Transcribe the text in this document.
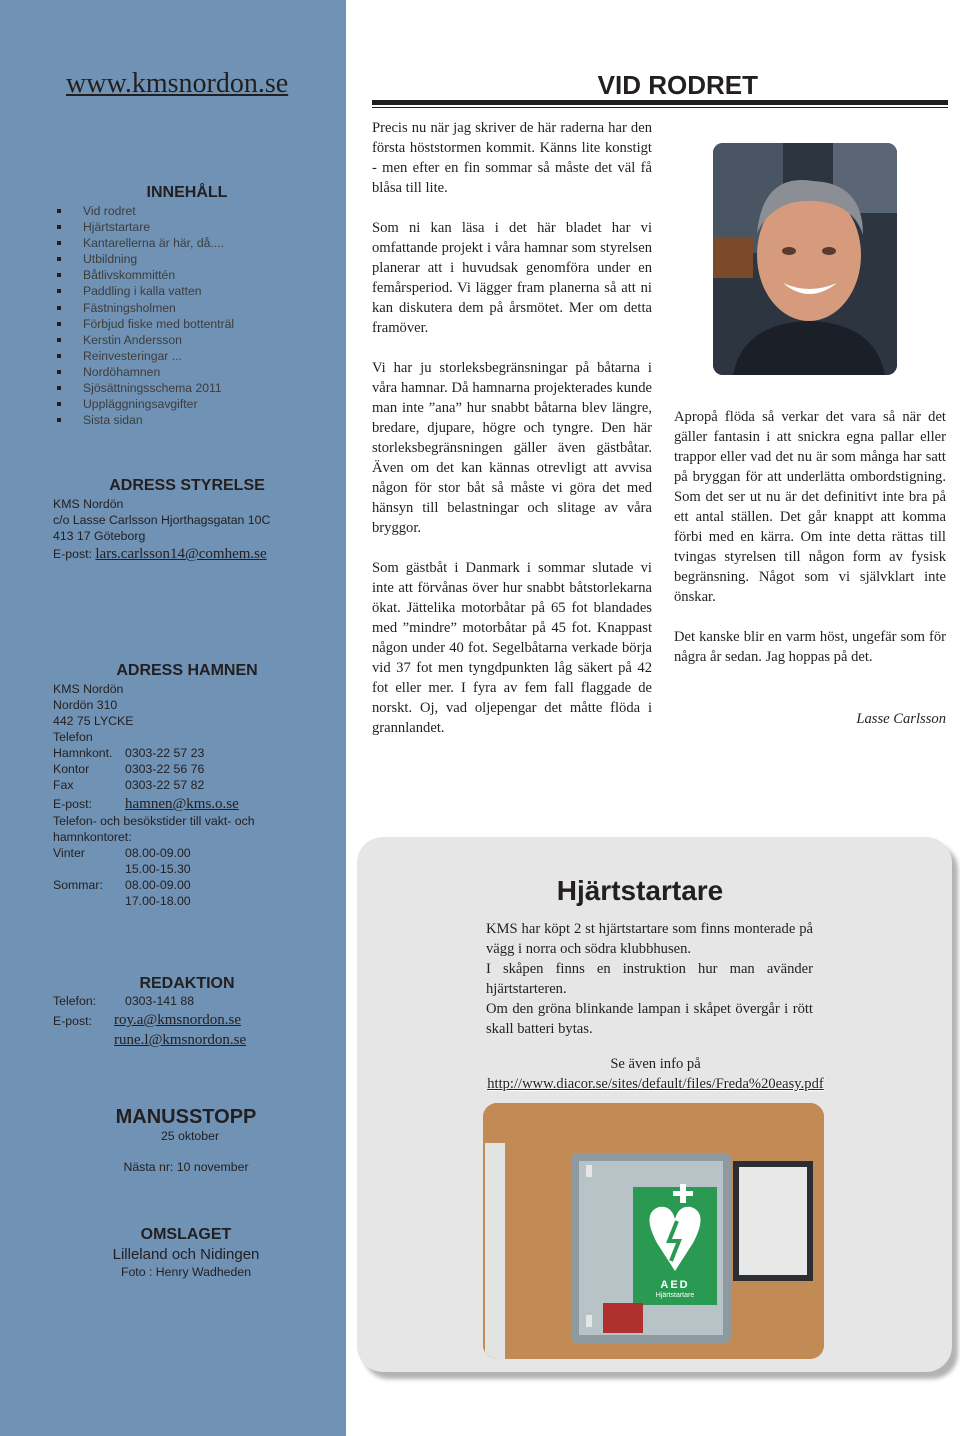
www.kmsnordon.se
INNEHÅLL
Vid rodret
Hjärtstartare
Kantarellerna är här, då....
Utbildning
Båtlivskommittén
Paddling i kalla vatten
Fästningsholmen
Förbjud fiske med bottenträl
Kerstin Andersson
Reinvesteringar ...
Nordöhamnen
Sjösättningsschema 2011
Uppläggningsavgifter
Sista sidan
ADRESS STYRELSE
KMS Nordön
c/o Lasse Carlsson Hjorthagsgatan 10C
413 17 Göteborg
E-post: lars.carlsson14@comhem.se
ADRESS HAMNEN
KMS Nordön
Nordön 310
442 75 LYCKE
Telefon
Hamnkont. 0303-22 57 23
Kontor	0303-22 56 76
Fax	0303-22 57 82
E-post: hamnen@kms.o.se
Telefon- och besökstider till vakt- och
hamnkontoret:
Vinter	08.00-09.00
15.00-15.30
Sommar: 08.00-09.00
17.00-18.00
REDAKTION
Telefon: 0303-141 88
E-post:	roy.a@kmsnordon.se
rune.l@kmsnordon.se
MANUSSTOPP
25 oktober
Nästa nr: 10 november
OMSLAGET
Lilleland och Nidingen
Foto : Henry Wadheden
VID RODRET

Precis nu när jag skriver de här raderna har den första höststormen kommit. Känns lite konstigt - men efter en fin sommar så måste det väl få blåsa till lite.

Som ni kan läsa i det här bladet har vi omfattande projekt i våra hamnar som styrelsen planerar att i huvudsak genomföra under en femårsperiod. Vi lägger fram planerna så att ni kan diskutera dem på årsmötet. Mer om detta framöver.

Vi har ju storleksbegränsningar på båtarna i våra hamnar. Då hamnarna projekterades kunde man inte ”ana” hur snabbt båtarna blev längre, bredare, djupare, högre och tyngre. Den här storleksbegränsningen gäller även gästbåtar. Även om det kan kännas otrevligt att avvisa någon för stor båt så måste vi göra det med hänsyn till belastningar och slitage av våra bryggor.

Som gästbåt i Danmark i sommar slutade vi inte att förvånas över hur snabbt båtstorlekarna ökat. Jättelika motorbåtar på 65 fot blandades med ”mindre” motorbåtar på 45 fot. Knappast någon under 40 fot. Segelbåtarna verkade börja vid 37 fot men tyngdpunkten låg säkert på 42 fot eller mer. I fyra av fem fall flaggade de norskt. Oj, vad oljepengar det måtte flöda i grannlandet.

Apropå flöda så verkar det vara så när det gäller fantasin i att snickra egna pallar eller trappor eller vad det nu är som många har satt på bryggan för att underlätta ombordstigning. Som det ser ut nu är det definitivt inte bra på ett antal ställen. Det går knappt att komma förbi med en kärra. Om inte detta rättas till tvingas styrelsen till någon form av fysisk begränsning. Något som vi självklart inte önskar.

Det kanske blir en varm höst, ungefär som för några år sedan. Jag hoppas på det.

Lasse Carlsson
Hjärtstartare

KMS har köpt 2 st hjärtstartare som finns monterade på vägg i norra och södra klubbhusen.

I skåpen finns en instruktion hur man avänder hjärtstarteren.

Om den gröna blinkande lampan i skåpet övergår i rött skall batteri bytas.

Se även info på
http://www.diacor.se/sites/default/files/Freda%20easy.pdf
AED
Hjärtstartare
